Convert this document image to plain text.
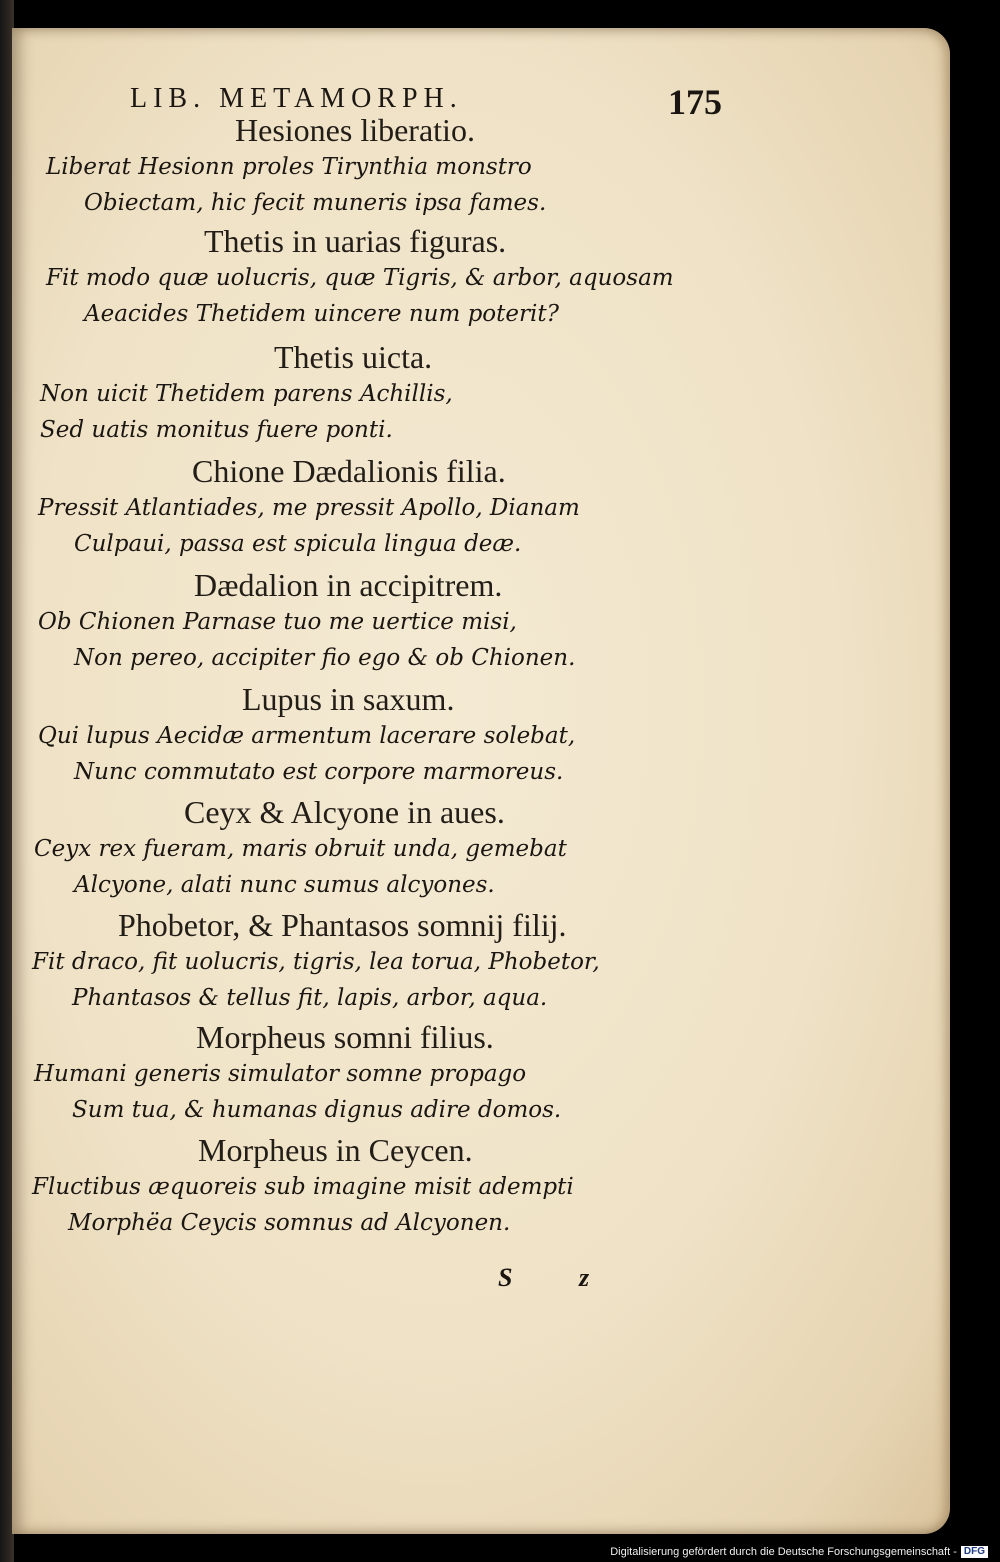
LIB. METAMORPH.	175
Hesiones liberatio.
Liberat Hesionn proles Tirynthia monstro
Obiectam, hic fecit muneris ipsa fames.
Thetis in uarias figuras.
Fit modo quæ uolucris, quæ Tigris, & arbor, aquosam
Aeacides Thetidem uincere num poterit?
Thetis uicta.
Non uicit Thetidem parens Achillis,
Sed uatis monitus fuere ponti.
Chione Dædalionis filia.
Pressit Atlantiades, me pressit Apollo, Dianam
Culpaui, passa est spicula lingua deæ.
Dædalion in accipitrem.
Ob Chionen Parnase tuo me uertice misi,
Non pereo, accipiter fio ego & ob Chionen.
Lupus in saxum.
Qui lupus Aecidæ armentum lacerare solebat,
Nunc commutato est corpore marmoreus.
Ceyx & Alcyone in aues.
Ceyx rex fueram, maris obruit unda, gemebat
Alcyone, alati nunc sumus alcyones.
Phobetor, & Phantasos somnij filij.
Fit draco, fit uolucris, tigris, lea torua, Phobetor,
Phantasos & tellus fit, lapis, arbor, aqua.
Morpheus somni filius.
Humani generis simulator somne propago
Sum tua, & humanas dignus adire domos.
Morpheus in Ceycen.
Fluctibus æquoreis sub imagine misit adempti
Morphëa Ceycis somnus ad Alcyonen.
S z
Digitalisierung gefördert durch die Deutsche Forschungsgemeinschaft - DFG
